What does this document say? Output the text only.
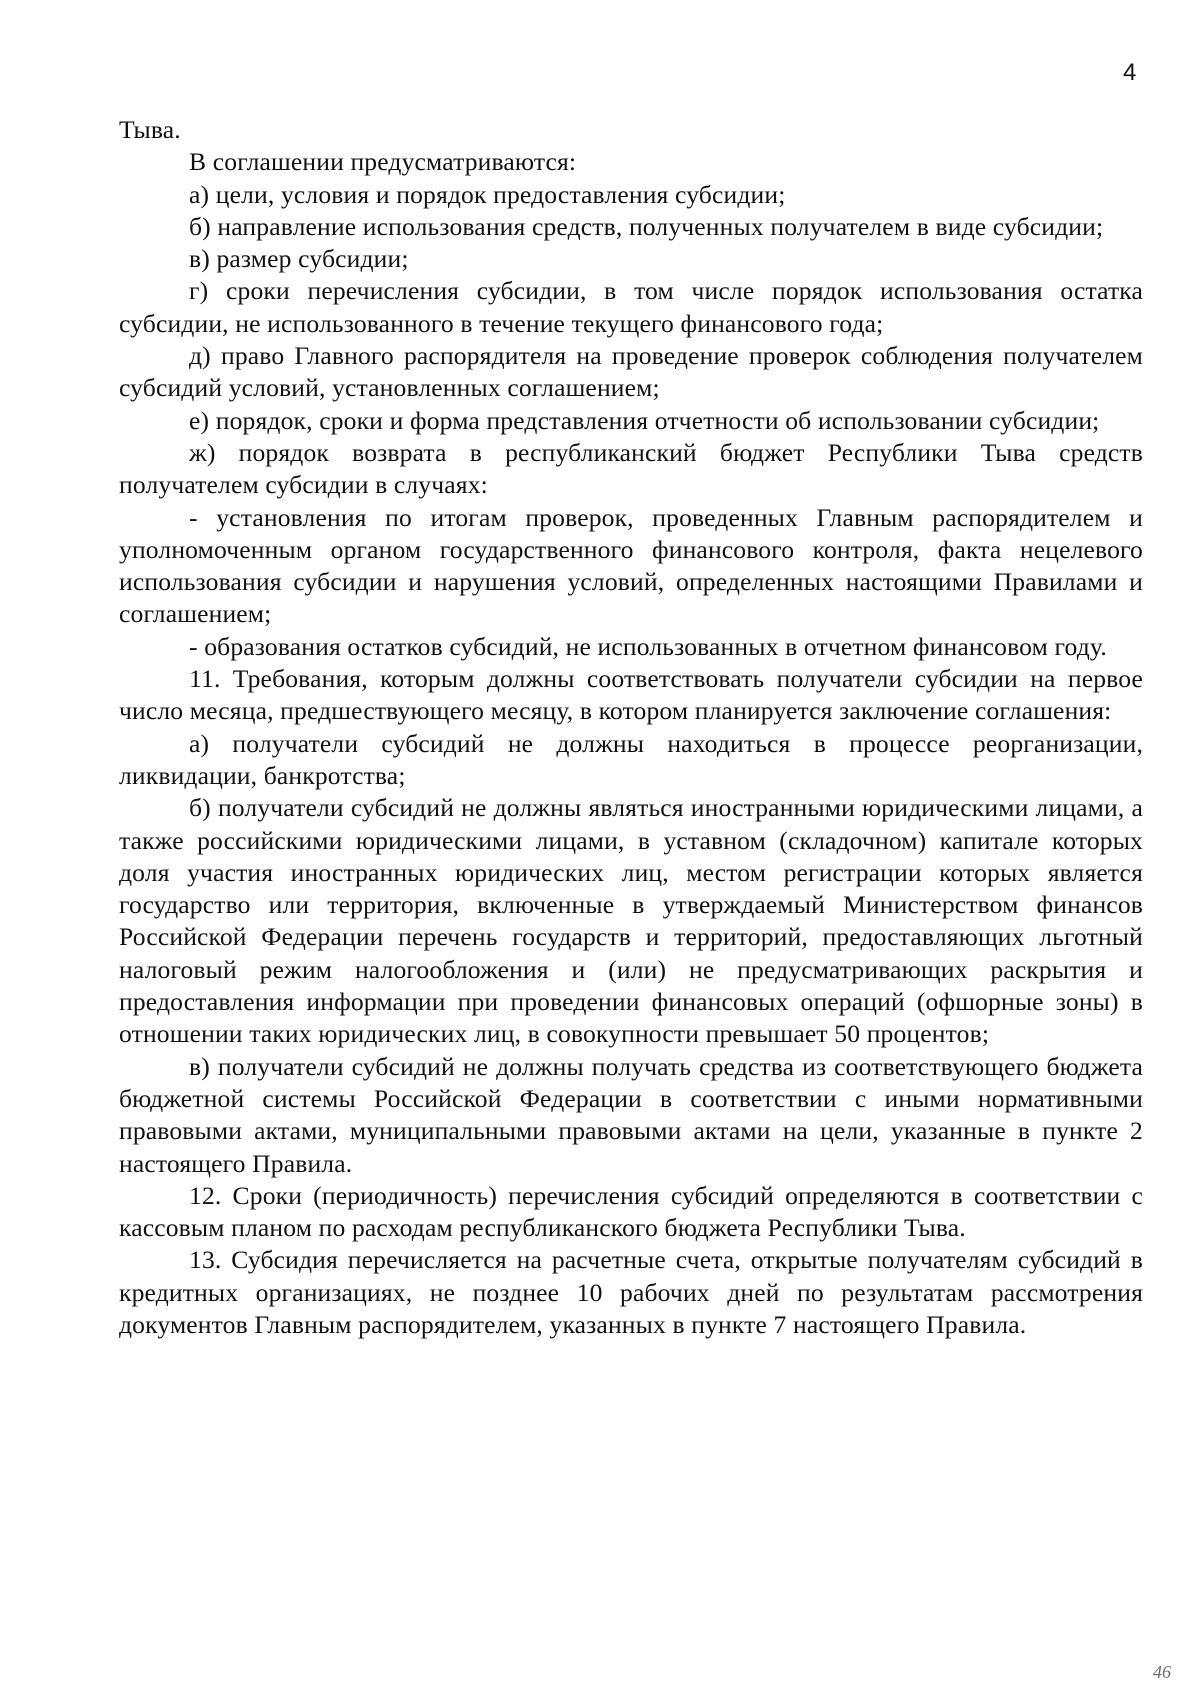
4

Тыва.

В соглашении предусматриваются:

а) цели, условия и порядок предоставления субсидии;

б) направление использования средств, полученных получателем в виде субсидии;

в) размер субсидии;

г) сроки перечисления субсидии, в том числе порядок использования остатка субсидии, не использованного в течение текущего финансового года;

д) право Главного распорядителя на проведение проверок соблюдения получателем субсидий условий, установленных соглашением;

е) порядок, сроки и форма представления отчетности об использовании субсидии;

ж) порядок возврата в республиканский бюджет Республики Тыва средств получателем субсидии в случаях:

- установления по итогам проверок, проведенных Главным распорядителем и уполномоченным органом государственного финансового контроля, факта нецелевого использования субсидии и нарушения условий, определенных настоящими Правилами и соглашением;

- образования остатков субсидий, не использованных в отчетном финансовом году.

11. Требования, которым должны соответствовать получатели субсидии на первое число месяца, предшествующего месяцу, в котором планируется заключение соглашения:

а) получатели субсидий не должны находиться в процессе реорганизации, ликвидации, банкротства;

б) получатели субсидий не должны являться иностранными юридическими лицами, а также российскими юридическими лицами, в уставном (складочном) капитале которых доля участия иностранных юридических лиц, местом регистрации которых является государство или территория, включенные в утверждаемый Министерством финансов Российской Федерации перечень государств и территорий, предоставляющих льготный налоговый режим налогообложения и (или) не предусматривающих раскрытия и предоставления информации при проведении финансовых операций (офшорные зоны) в отношении таких юридических лиц, в совокупности превышает 50 процентов;

в) получатели субсидий не должны получать средства из соответствующего бюджета бюджетной системы Российской Федерации в соответствии с иными нормативными правовыми актами, муниципальными правовыми актами на цели, указанные в пункте 2 настоящего Правила.

12. Сроки (периодичность) перечисления субсидий определяются в соответствии с кассовым планом по расходам республиканского бюджета Республики Тыва.

13. Субсидия перечисляется на расчетные счета, открытые получателям субсидий в кредитных организациях, не позднее 10 рабочих дней по результатам рассмотрения документов Главным распорядителем, указанных в пункте 7 настоящего Правила.

46
